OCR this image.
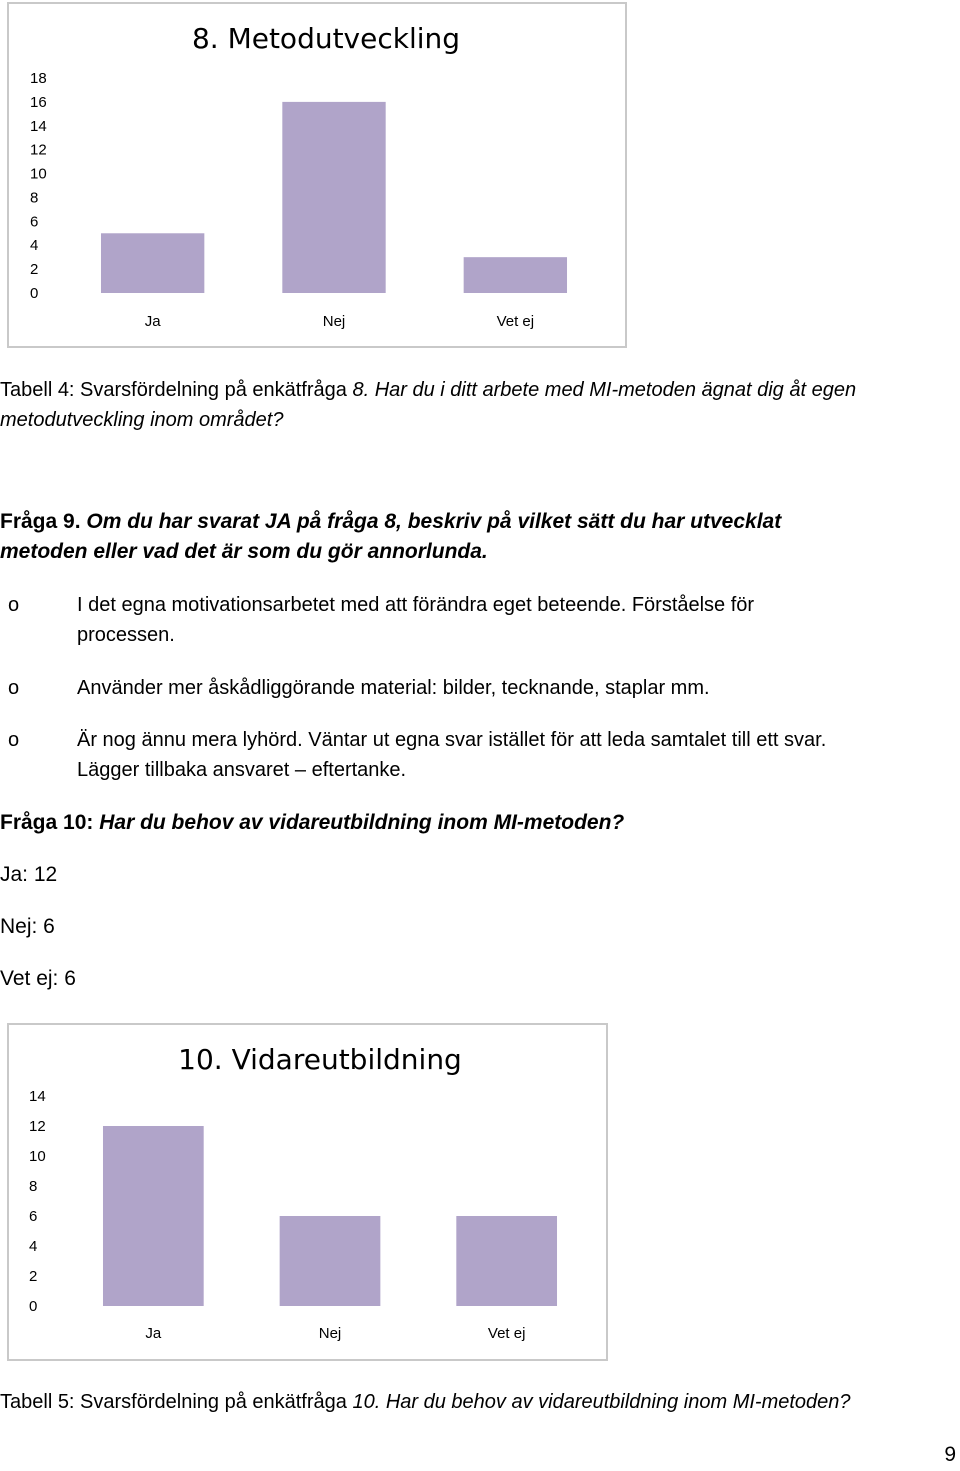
8. Metodutveckling
18
16
14
12
10
8
6
4
2
0
Ja	Nej	Vet ej
Tabell 4: Svarsfördelning på enkätfråga 8. Har du i ditt arbete med MI-metoden ägnat dig åt egen
metodutveckling inom området?
Fråga 9. Om du har svarat JA på fråga 8, beskriv på vilket sätt du har utvecklat
metoden eller vad det är som du gör annorlunda.
o	I det egna motivationsarbetet med att förändra eget beteende. Förståelse för
processen.
o	Använder mer åskådliggörande material: bilder, tecknande, staplar mm.
o	Är nog ännu mera lyhörd. Väntar ut egna svar istället för att leda samtalet till ett svar.
Lägger tillbaka ansvaret – eftertanke.
Fråga 10: Har du behov av vidareutbildning inom MI-metoden?
Ja: 12
Nej: 6
Vet ej: 6
10. Vidareutbildning
14
12
10
8
6
4
2
0
Ja	Nej	Vet ej
Tabell 5: Svarsfördelning på enkätfråga 10. Har du behov av vidareutbildning inom MI-metoden?
9
